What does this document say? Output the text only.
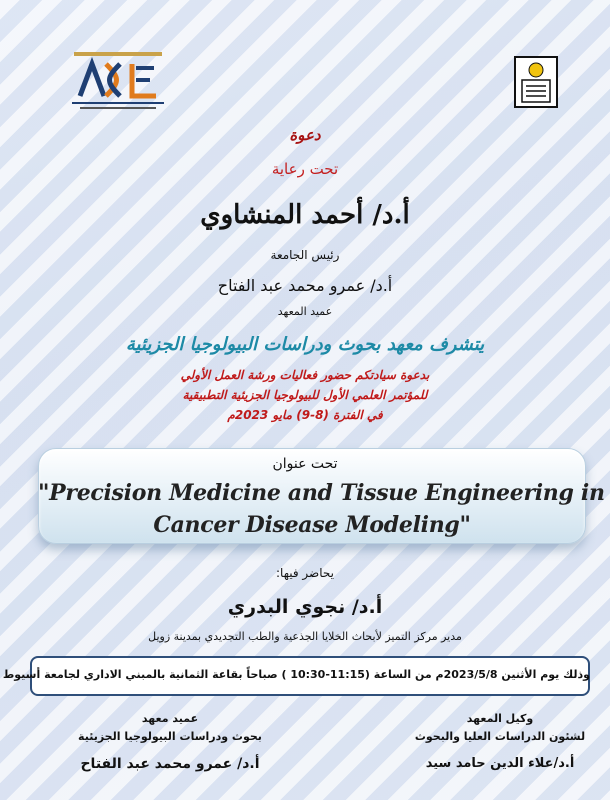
دعوة
تحت رعاية
أ.د/ أحمد المنشاوي
رئيس الجامعة
أ.د/ عمرو محمد عبد الفتاح
عميد المعهد
يتشرف معهد بحوث ودراسات البيولوجيا الجزيئية
بدعوة سيادتكم حضور فعاليات ورشة العمل الأولي
للمؤتمر العلمي الأول للبيولوجيا الجزيئية التطبيقية
في الفترة (8-9) مايو 2023م
تحت عنوان
"Precision Medicine and Tissue Engineering in
Cancer Disease Modeling"
يحاضر فيها:
أ.د/ نجوي البدري
مدير مركز التميز لأبحاث الخلايا الجذعية والطب التجديدي بمدينة زويل
وذلك يوم الأثنين 2023/5/8م من الساعة (11:15-10:30 ) صباحاً بقاعة الثمانية بالمبني الاداري لجامعة أسيوط
وكيل المعهد
لشئون الدراسات العليا والبحوث
أ.د/علاء الدين حامد سيد
عميد معهد
بحوث ودراسات البيولوجيا الجزيئية
أ.د/ عمرو محمد عبد الفتاح
